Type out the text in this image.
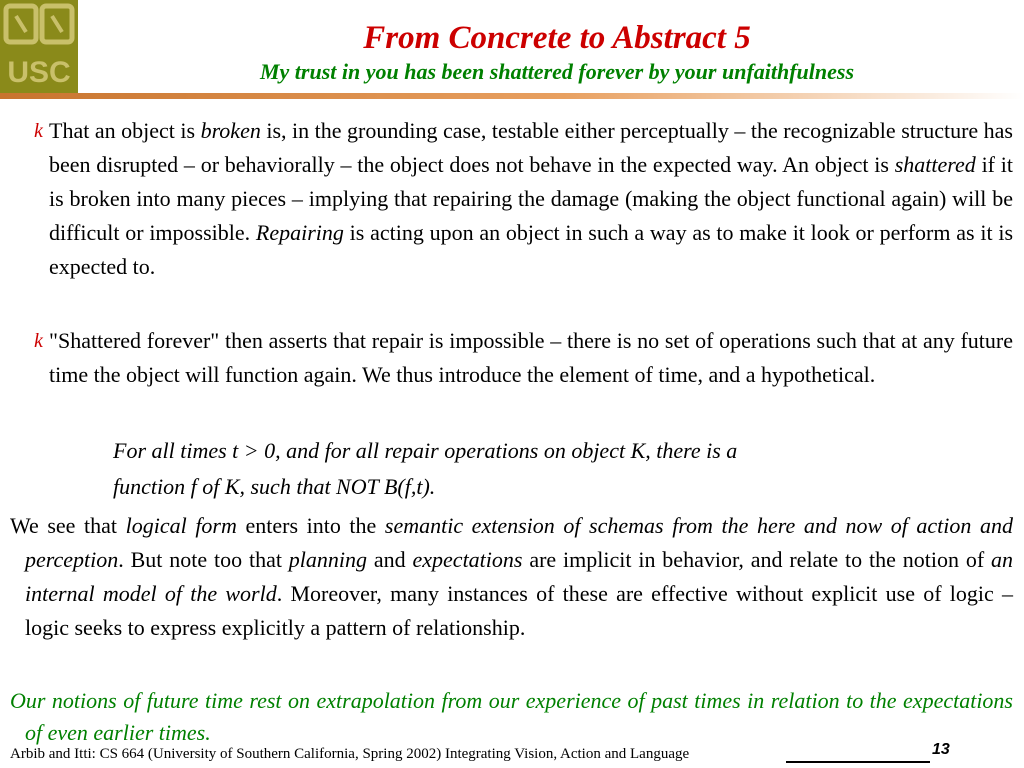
USC
From Concrete to Abstract 5
My trust in you has been shattered forever by your unfaithfulness
k That an object is broken is, in the grounding case, testable either perceptually – the recognizable structure has been disrupted – or behaviorally – the object does not behave in the expected way. An object is shattered if it is broken into many pieces – implying that repairing the damage (making the object functional again) will be difficult or impossible. Repairing is acting upon an object in such a way as to make it look or perform as it is expected to.
k "Shattered forever" then asserts that repair is impossible – there is no set of operations such that at any future time the object will function again. We thus introduce the element of time, and a hypothetical.
For all times t > 0, and for all repair operations on object K, there is a
function f of K, such that NOT B(f,t).
We see that logical form enters into the semantic extension of schemas from the here and now of action and perception. But note too that planning and expectations are implicit in behavior, and relate to the notion of an internal model of the world. Moreover, many instances of these are effective without explicit use of logic – logic seeks to express explicitly a pattern of relationship.
Our notions of future time rest on extrapolation from our experience of past times in relation to the expectations of even earlier times.
Arbib and Itti: CS 664 (University of Southern California, Spring 2002) Integrating Vision, Action and Language	13
